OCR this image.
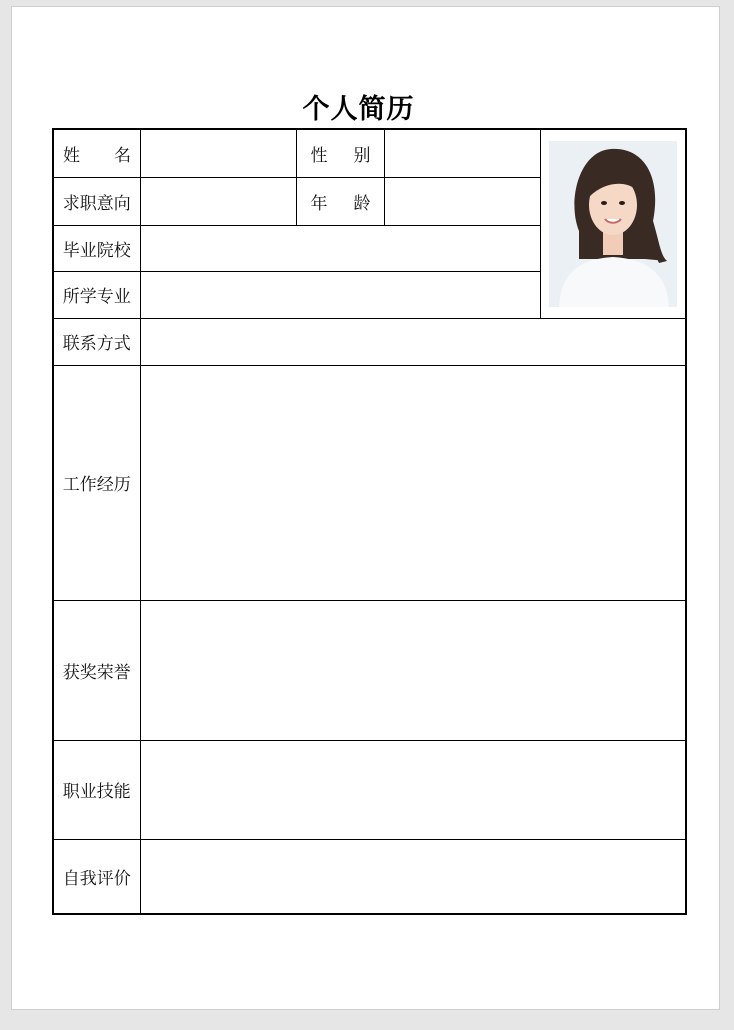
个人简历
姓 名		性 别

求职意向		年 龄		

毕业院校				
所学专业				
联系方式				
工作经历				
获奖荣誉				
职业技能				
自我评价				
